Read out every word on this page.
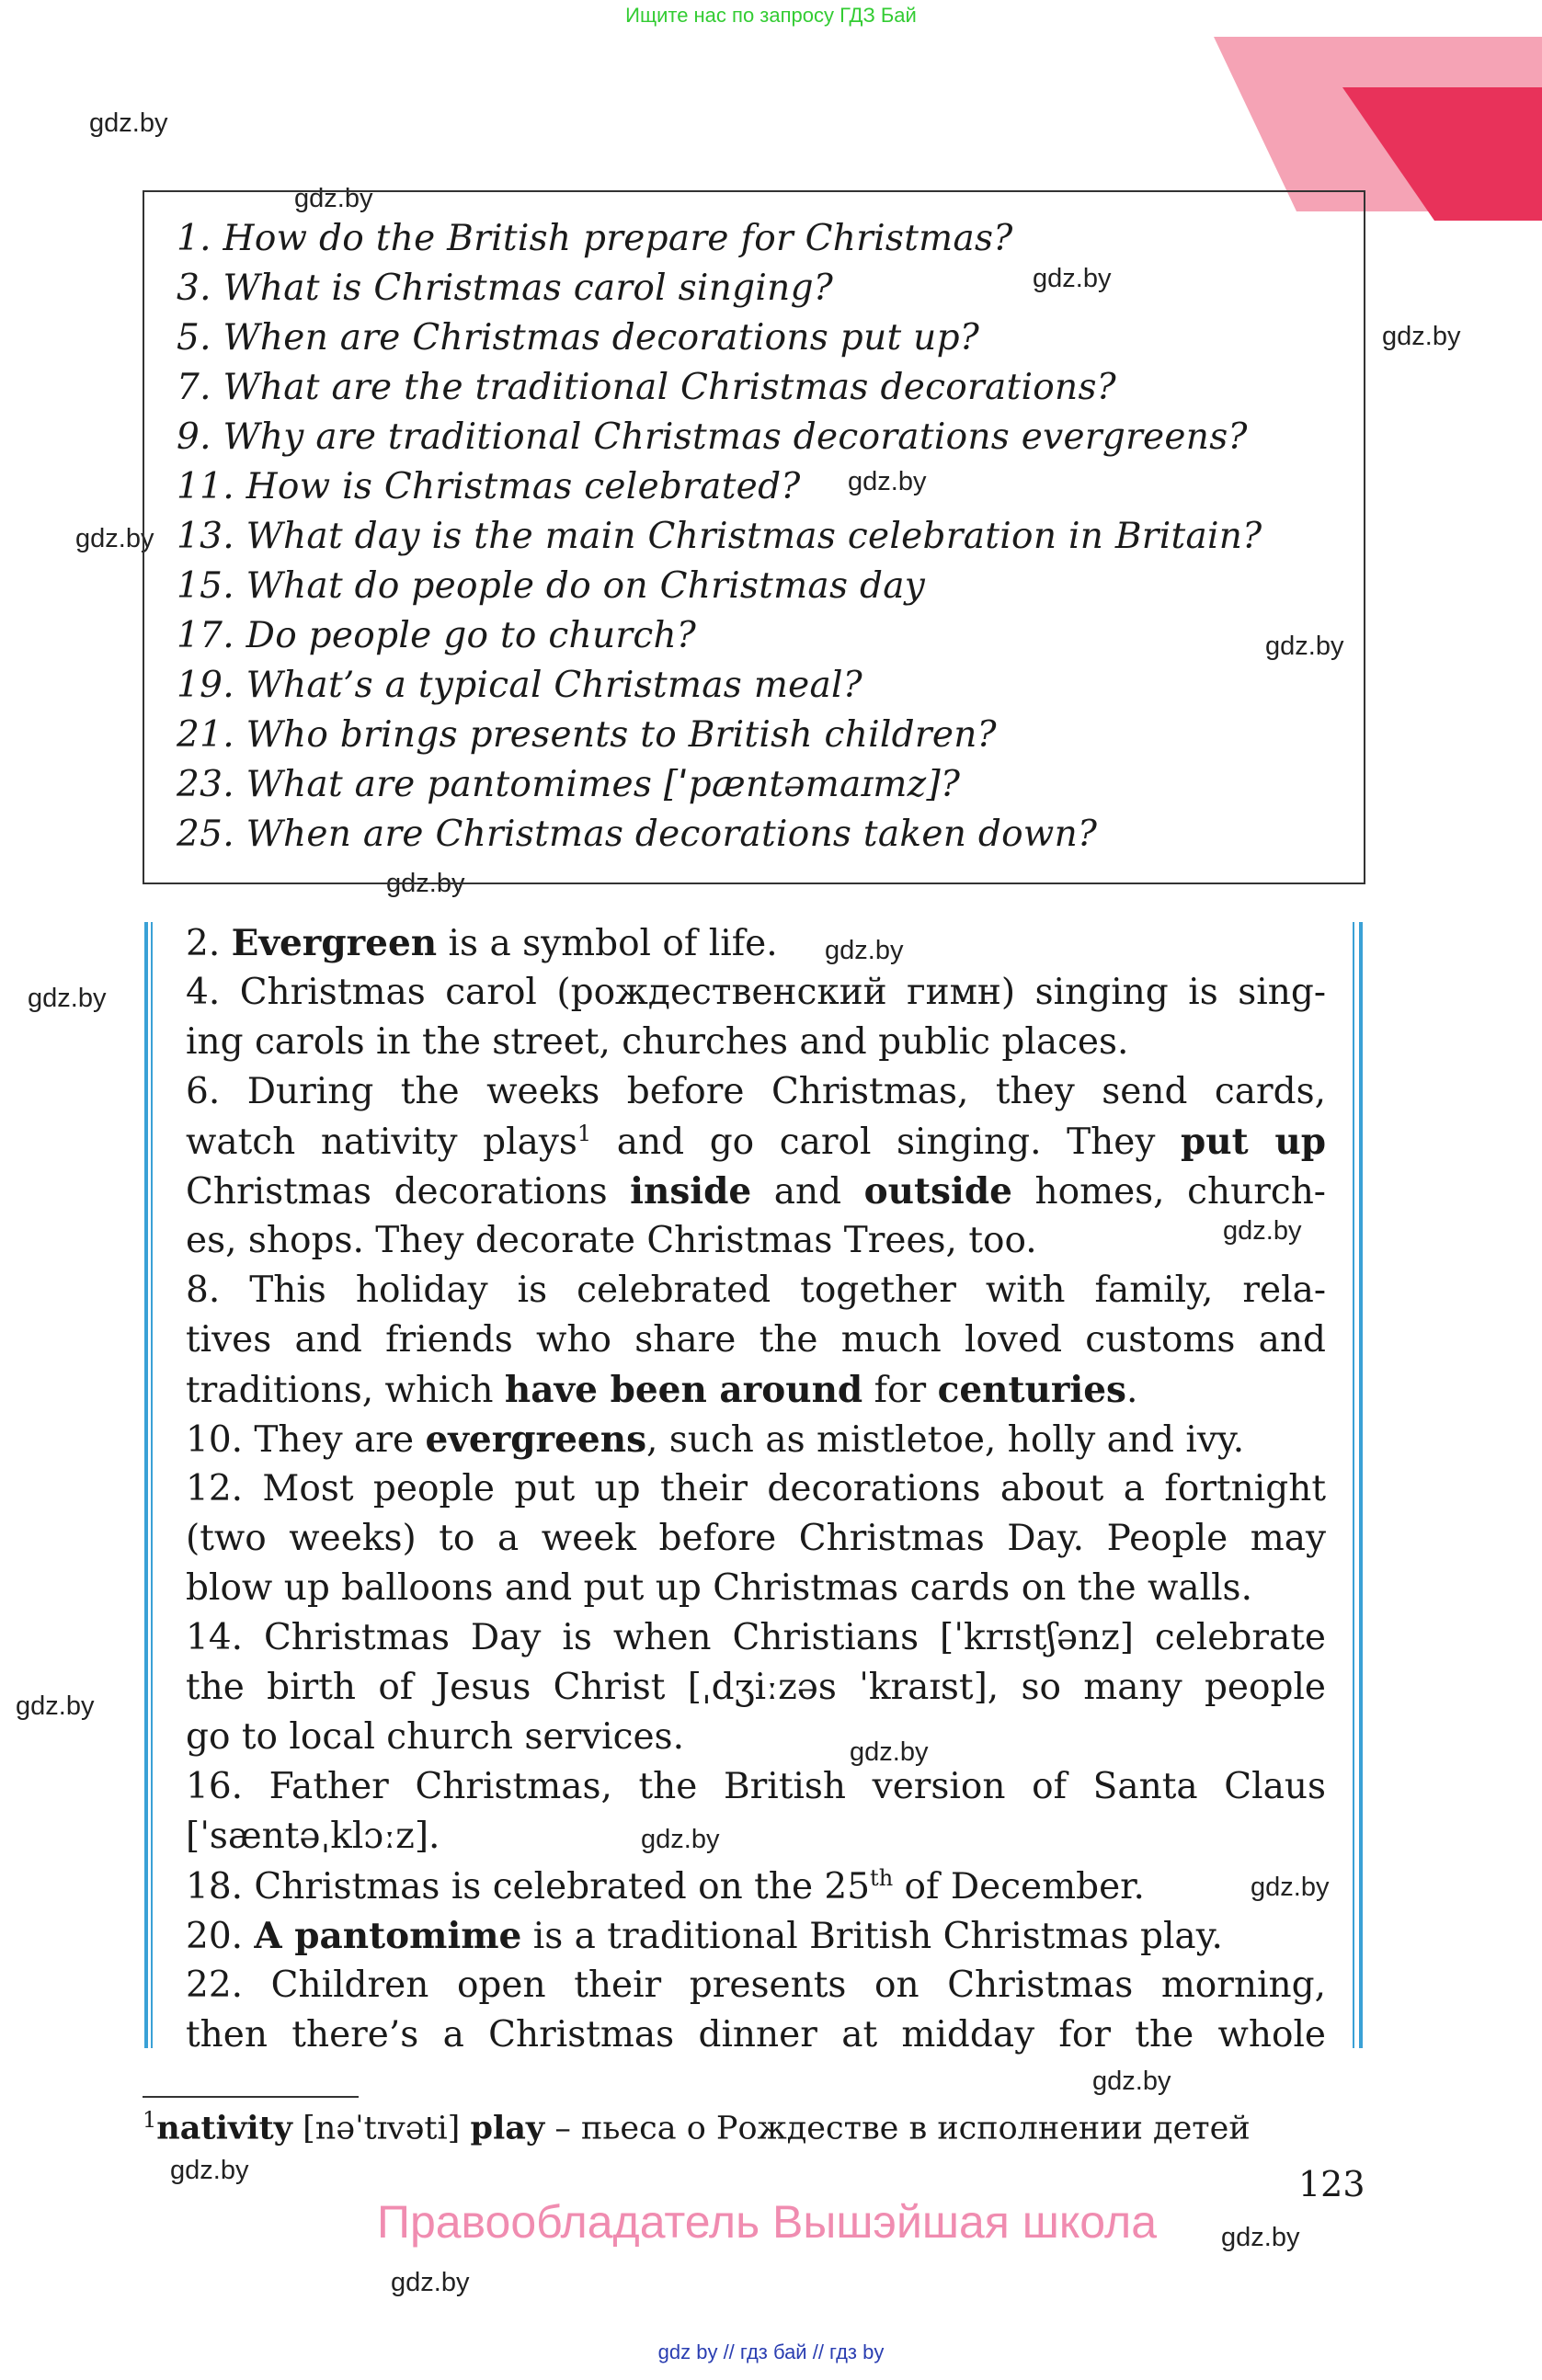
Ищите нас по запросу ГДЗ Бай
gdz.by
gdz.by
gdz.by
gdz.by
gdz.by
gdz.by
gdz.by
gdz.by
gdz.by
gdz.by
gdz.by
gdz.by
gdz.by
gdz.by
gdz.by
gdz.by
gdz.by
gdz.by
gdz.by
1. How do the British prepare for Christmas?
3. What is Christmas carol singing?
5. When are Christmas decorations put up?
7. What are the traditional Christmas decorations?
9. Why are traditional Christmas decorations evergreens?
11. How is Christmas celebrated?
13. What day is the main Christmas celebration in Britain?
15. What do people do on Christmas day
17. Do people go to church?
19. What’s a typical Christmas meal?
21. Who brings presents to British children?
23. What are pantomimes [ˈpæntəmaɪmz]?
25. When are Christmas decorations taken down?
2. Evergreen is a symbol of life.
4. Christmas carol (рождественский гимн) singing is sing-
ing carols in the street, churches and public places.
6. During the weeks before Christmas, they send cards,
watch nativity plays$^1$ and go carol singing. They put up
Christmas decorations inside and outside homes, church-
es, shops. They decorate Christmas Trees, too.
8. This holiday is celebrated together with family, rela-
tives and friends who share the much loved customs and
traditions, which have been around for centuries.
10. They are evergreens, such as mistletoe, holly and ivy.
12. Most people put up their decorations about a fortnight
(two weeks) to a week before Christmas Day. People may
blow up balloons and put up Christmas cards on the walls.
14. Christmas Day is when Christians [ˈkrɪstʃənz] celebrate
the birth of Jesus Christ [ˌdʒiːzəs ˈkraɪst], so many people
go to local church services.
16. Father Christmas, the British version of Santa Claus
[ˈsæntəˌklɔːz].
18. Christmas is celebrated on the 25th of December.
20. A pantomime is a traditional British Christmas play.
22. Children open their presents on Christmas morning,
then there’s a Christmas dinner at midday for the whole
$^1$nativity [nəˈtɪvəti] play – пьеса о Рождестве в исполнении детей
123
Правообладатель Вышэйшая школа
gdz by // гдз бай // гдз by
